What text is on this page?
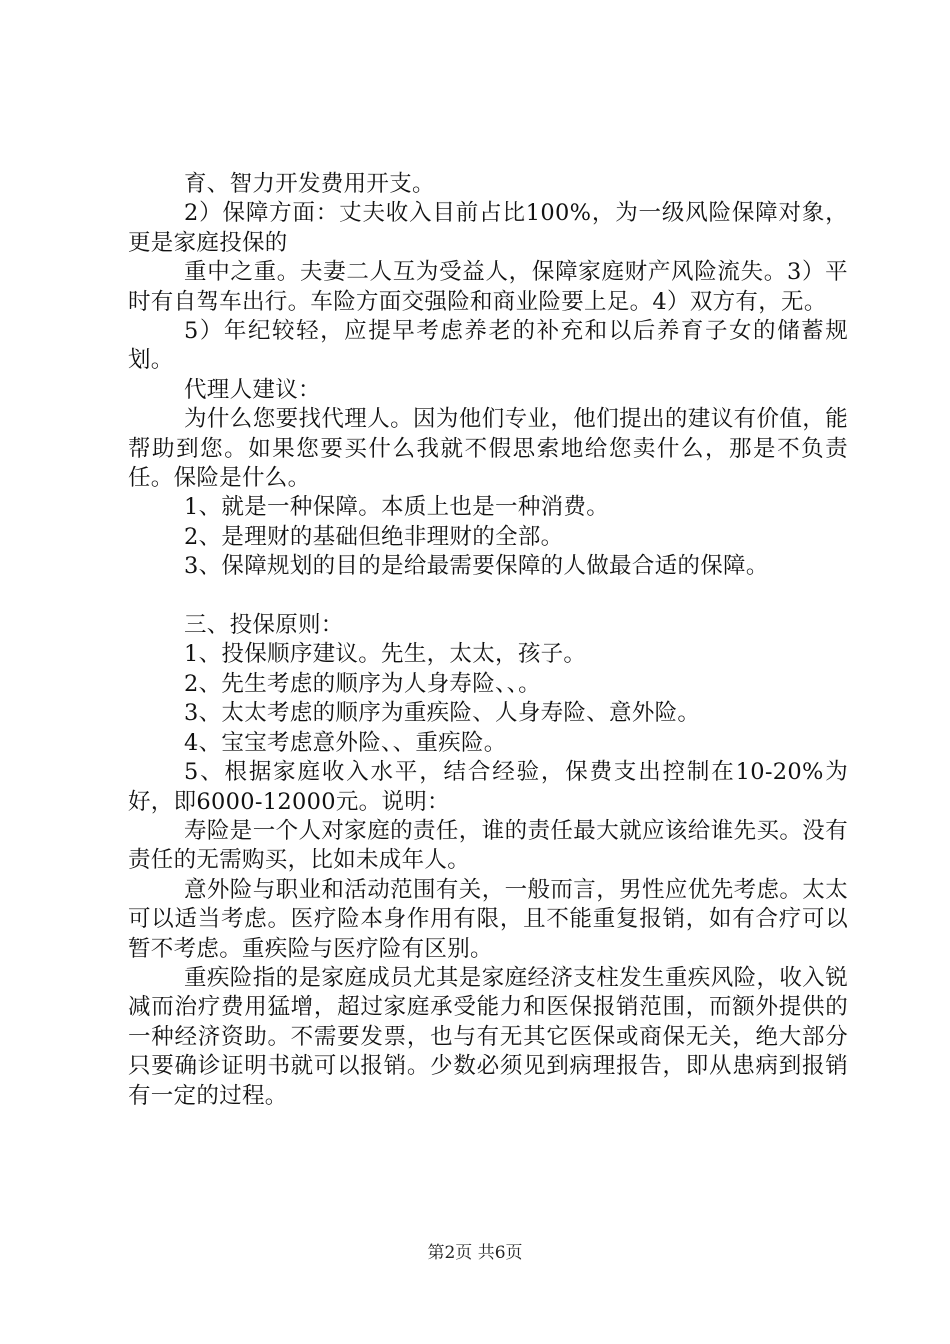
育、智力开发费用开支。

2）保障方面：丈夫收入目前占比100%，为一级风险保障对象，更是家庭投保的

重中之重。夫妻二人互为受益人，保障家庭财产风险流失。3）平时有自驾车出行。车险方面交强险和商业险要上足。4）双方有，无。

5）年纪较轻，应提早考虑养老的补充和以后养育子女的储蓄规划。

代理人建议：

为什么您要找代理人。因为他们专业，他们提出的建议有价值，能帮助到您。如果您要买什么我就不假思索地给您卖什么，那是不负责任。保险是什么。

1、就是一种保障。本质上也是一种消费。

2、是理财的基础但绝非理财的全部。

3、保障规划的目的是给最需要保障的人做最合适的保障。

三、投保原则：

1、投保顺序建议。先生，太太，孩子。

2、先生考虑的顺序为人身寿险、、。

3、太太考虑的顺序为重疾险、人身寿险、意外险。

4、宝宝考虑意外险、、重疾险。

5、根据家庭收入水平，结合经验，保费支出控制在10-20%为好，即6000-12000元。说明：

寿险是一个人对家庭的责任，谁的责任最大就应该给谁先买。没有责任的无需购买，比如未成年人。

意外险与职业和活动范围有关，一般而言，男性应优先考虑。太太可以适当考虑。医疗险本身作用有限，且不能重复报销，如有合疗可以暂不考虑。重疾险与医疗险有区别。

重疾险指的是家庭成员尤其是家庭经济支柱发生重疾风险，收入锐减而治疗费用猛增，超过家庭承受能力和医保报销范围，而额外提供的一种经济资助。不需要发票，也与有无其它医保或商保无关，绝大部分只要确诊证明书就可以报销。少数必须见到病理报告，即从患病到报销有一定的过程。

第2页 共6页
